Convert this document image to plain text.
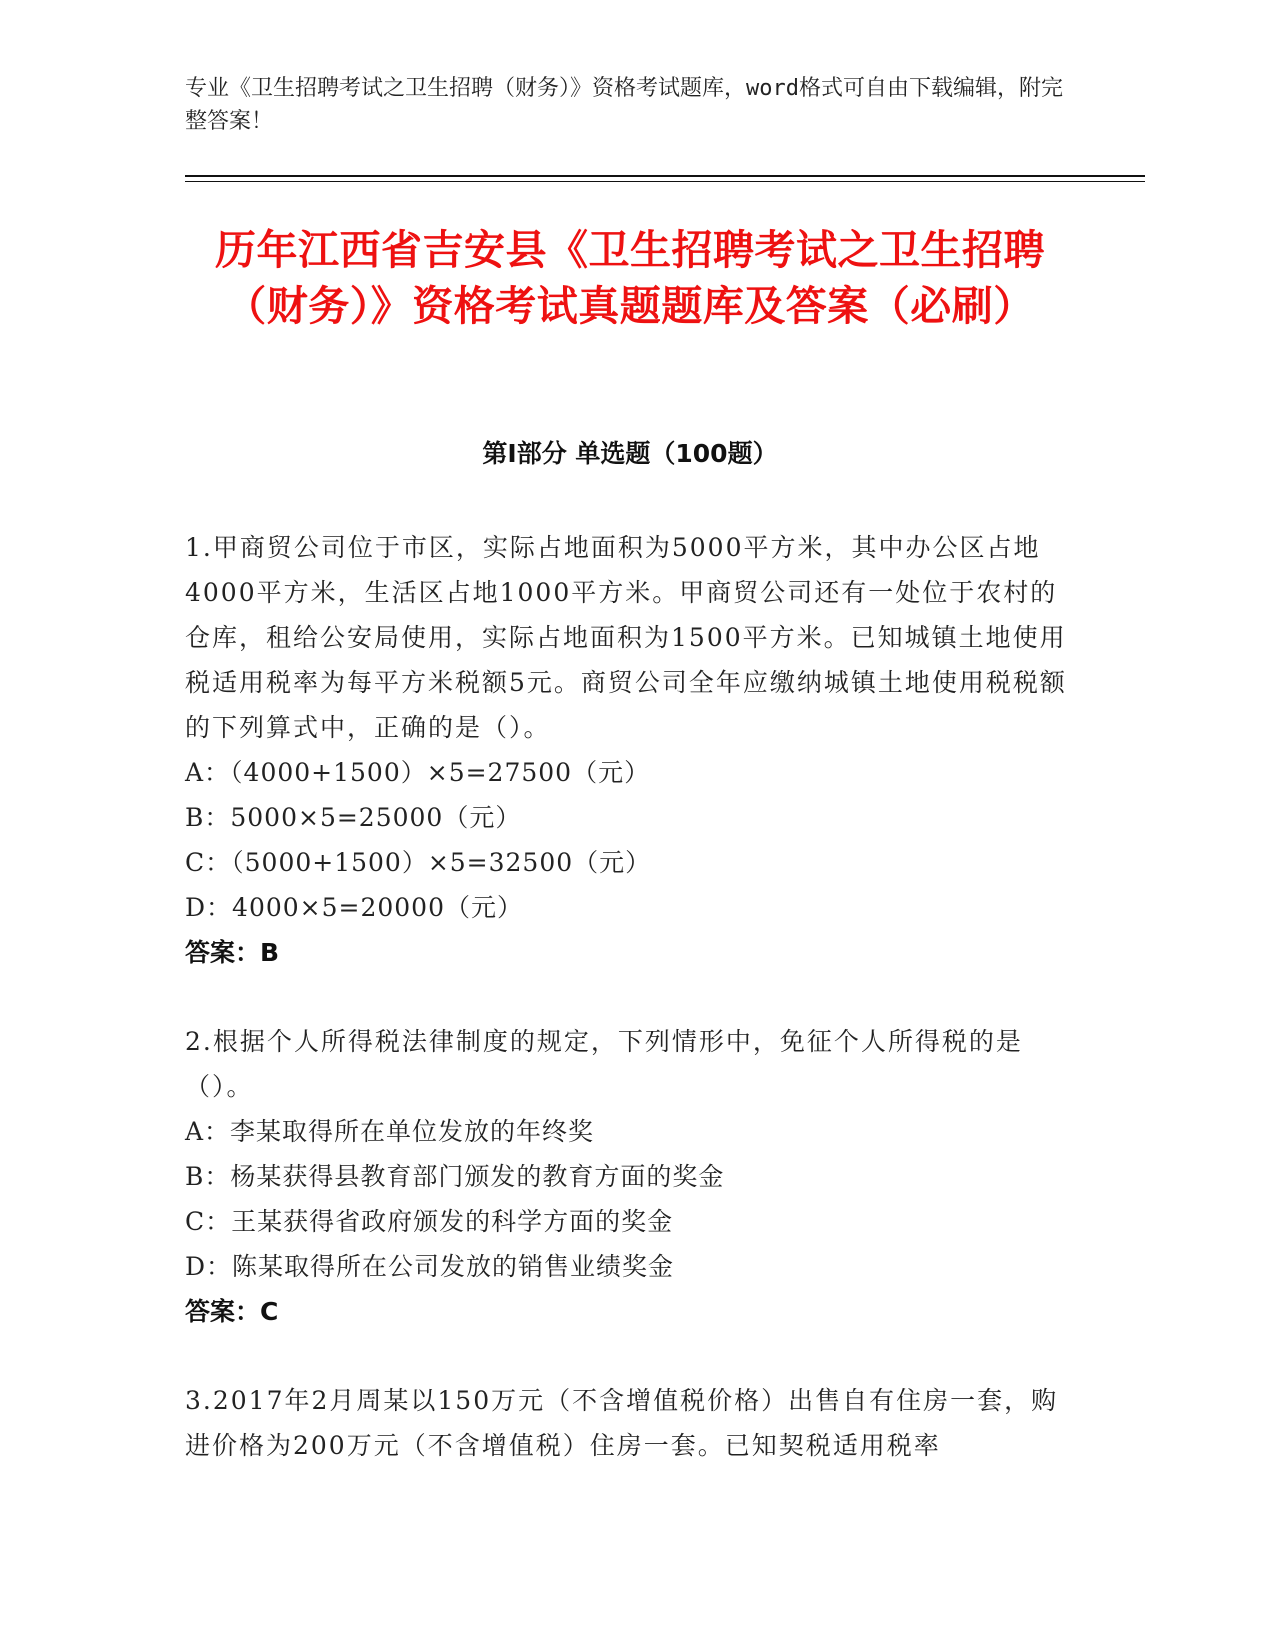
专业《卫生招聘考试之卫生招聘（财务）》资格考试题库，word格式可自由下载编辑，附完整答案！
历年江西省吉安县《卫生招聘考试之卫生招聘（财务）》资格考试真题题库及答案（必刷）
第Ⅰ部分 单选题（100题）
1.甲商贸公司位于市区，实际占地面积为5000平方米，其中办公区占地4000平方米，生活区占地1000平方米。甲商贸公司还有一处位于农村的仓库，租给公安局使用，实际占地面积为1500平方米。已知城镇土地使用税适用税率为每平方米税额5元。商贸公司全年应缴纳城镇土地使用税税额的下列算式中，正确的是（）。
A：（4000+1500）×5=27500（元）
B：5000×5=25000（元）
C：（5000+1500）×5=32500（元）
D：4000×5=20000（元）
答案：B
2.根据个人所得税法律制度的规定，下列情形中，免征个人所得税的是（）。
A：李某取得所在单位发放的年终奖
B：杨某获得县教育部门颁发的教育方面的奖金
C：王某获得省政府颁发的科学方面的奖金
D：陈某取得所在公司发放的销售业绩奖金
答案：C
3.2017年2月周某以150万元（不含增值税价格）出售自有住房一套，购进价格为200万元（不含增值税）住房一套。已知契税适用税率
